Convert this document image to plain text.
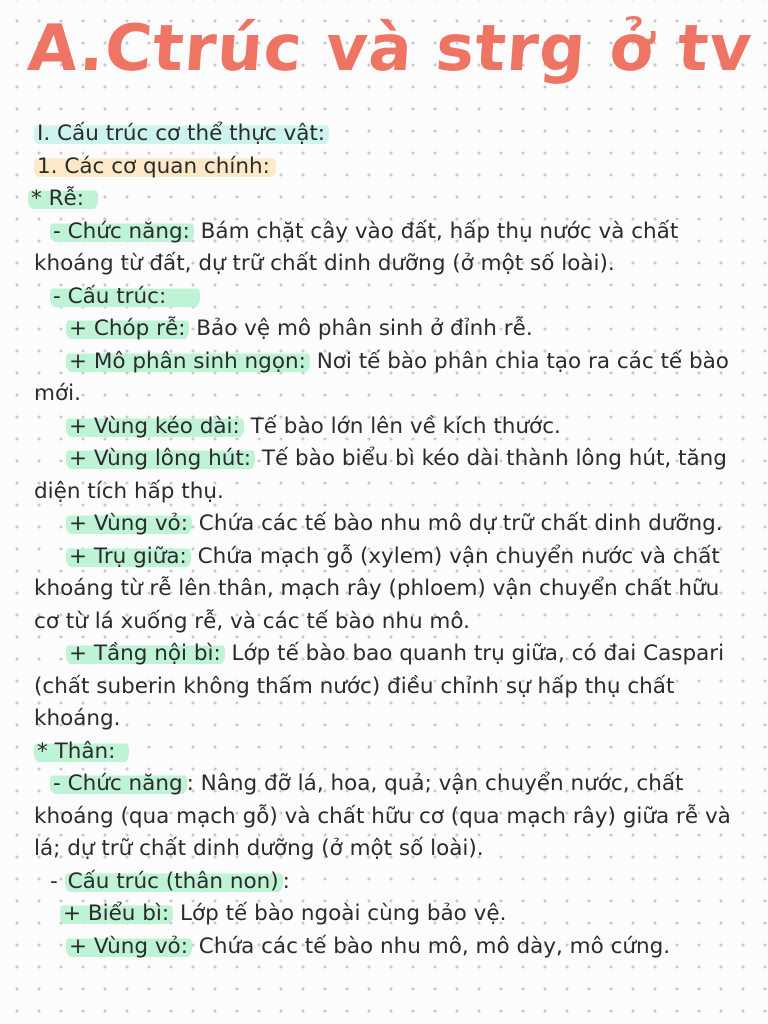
A.Ctrúc và strg ở tv
I. Cấu trúc cơ thể thực vật:
1. Các cơ quan chính:
* Rễ:
- Chức năng: Bám chặt cây vào đất, hấp thụ nước và chất khoáng từ đất, dự trữ chất dinh dưỡng (ở một số loài).
- Cấu trúc:
+ Chóp rễ: Bảo vệ mô phân sinh ở đỉnh rễ.
+ Mô phân sinh ngọn: Nơi tế bào phân chia tạo ra các tế bào mới.
+ Vùng kéo dài: Tế bào lớn lên về kích thước.
+ Vùng lông hút: Tế bào biểu bì kéo dài thành lông hút, tăng diện tích hấp thụ.
+ Vùng vỏ: Chứa các tế bào nhu mô dự trữ chất dinh dưỡng.
+ Trụ giữa: Chứa mạch gỗ (xylem) vận chuyển nước và chất khoáng từ rễ lên thân, mạch rây (phloem) vận chuyển chất hữu cơ từ lá xuống rễ, và các tế bào nhu mô.
+ Tầng nội bì: Lớp tế bào bao quanh trụ giữa, có đai Caspari (chất suberin không thấm nước) điều chỉnh sự hấp thụ chất khoáng.
* Thân:
- Chức năng : Nâng đỡ lá, hoa, quả; vận chuyển nước, chất khoáng (qua mạch gỗ) và chất hữu cơ (qua mạch rây) giữa rễ và lá; dự trữ chất dinh dưỡng (ở một số loài).
- Cấu trúc (thân non) :
+ Biểu bì: Lớp tế bào ngoài cùng bảo vệ.
+ Vùng vỏ: Chứa các tế bào nhu mô, mô dày, mô cứng.
